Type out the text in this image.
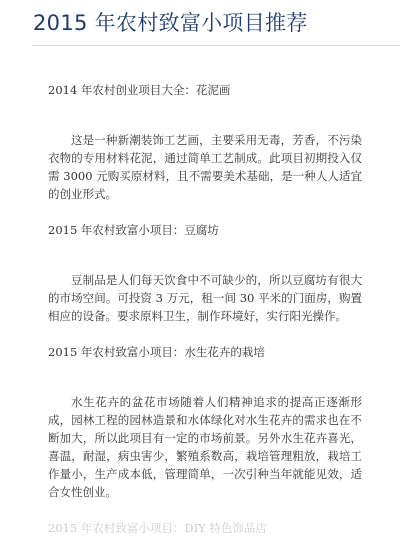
2015 年农村致富小项目推荐
2014 年农村创业项目大全：花泥画

这是一种新潮装饰工艺画，主要采用无毒，芳香，不污染衣物的专用材料花泥，通过简单工艺制成。此项目初期投入仅需 3000 元购买原材料，且不需要美术基础，是一种人人适宜的创业形式。

2015 年农村致富小项目：豆腐坊

豆制品是人们每天饮食中不可缺少的，所以豆腐坊有很大的市场空间。可投资 3 万元，租一间 30 平米的门面房，购置相应的设备。要求原料卫生，制作环境好，实行阳光操作。

2015 年农村致富小项目：水生花卉的栽培

水生花卉的盆花市场随着人们精神追求的提高正逐渐形成，园林工程的园林造景和水体绿化对水生花卉的需求也在不断加大，所以此项目有一定的市场前景。另外水生花卉喜光，喜温，耐湿，病虫害少，繁殖系数高，栽培管理粗放，栽培工作量小，生产成本低，管理简单，一次引种当年就能见效，适合女性创业。

2015 年农村致富小项目：DIY 特色饰品店
